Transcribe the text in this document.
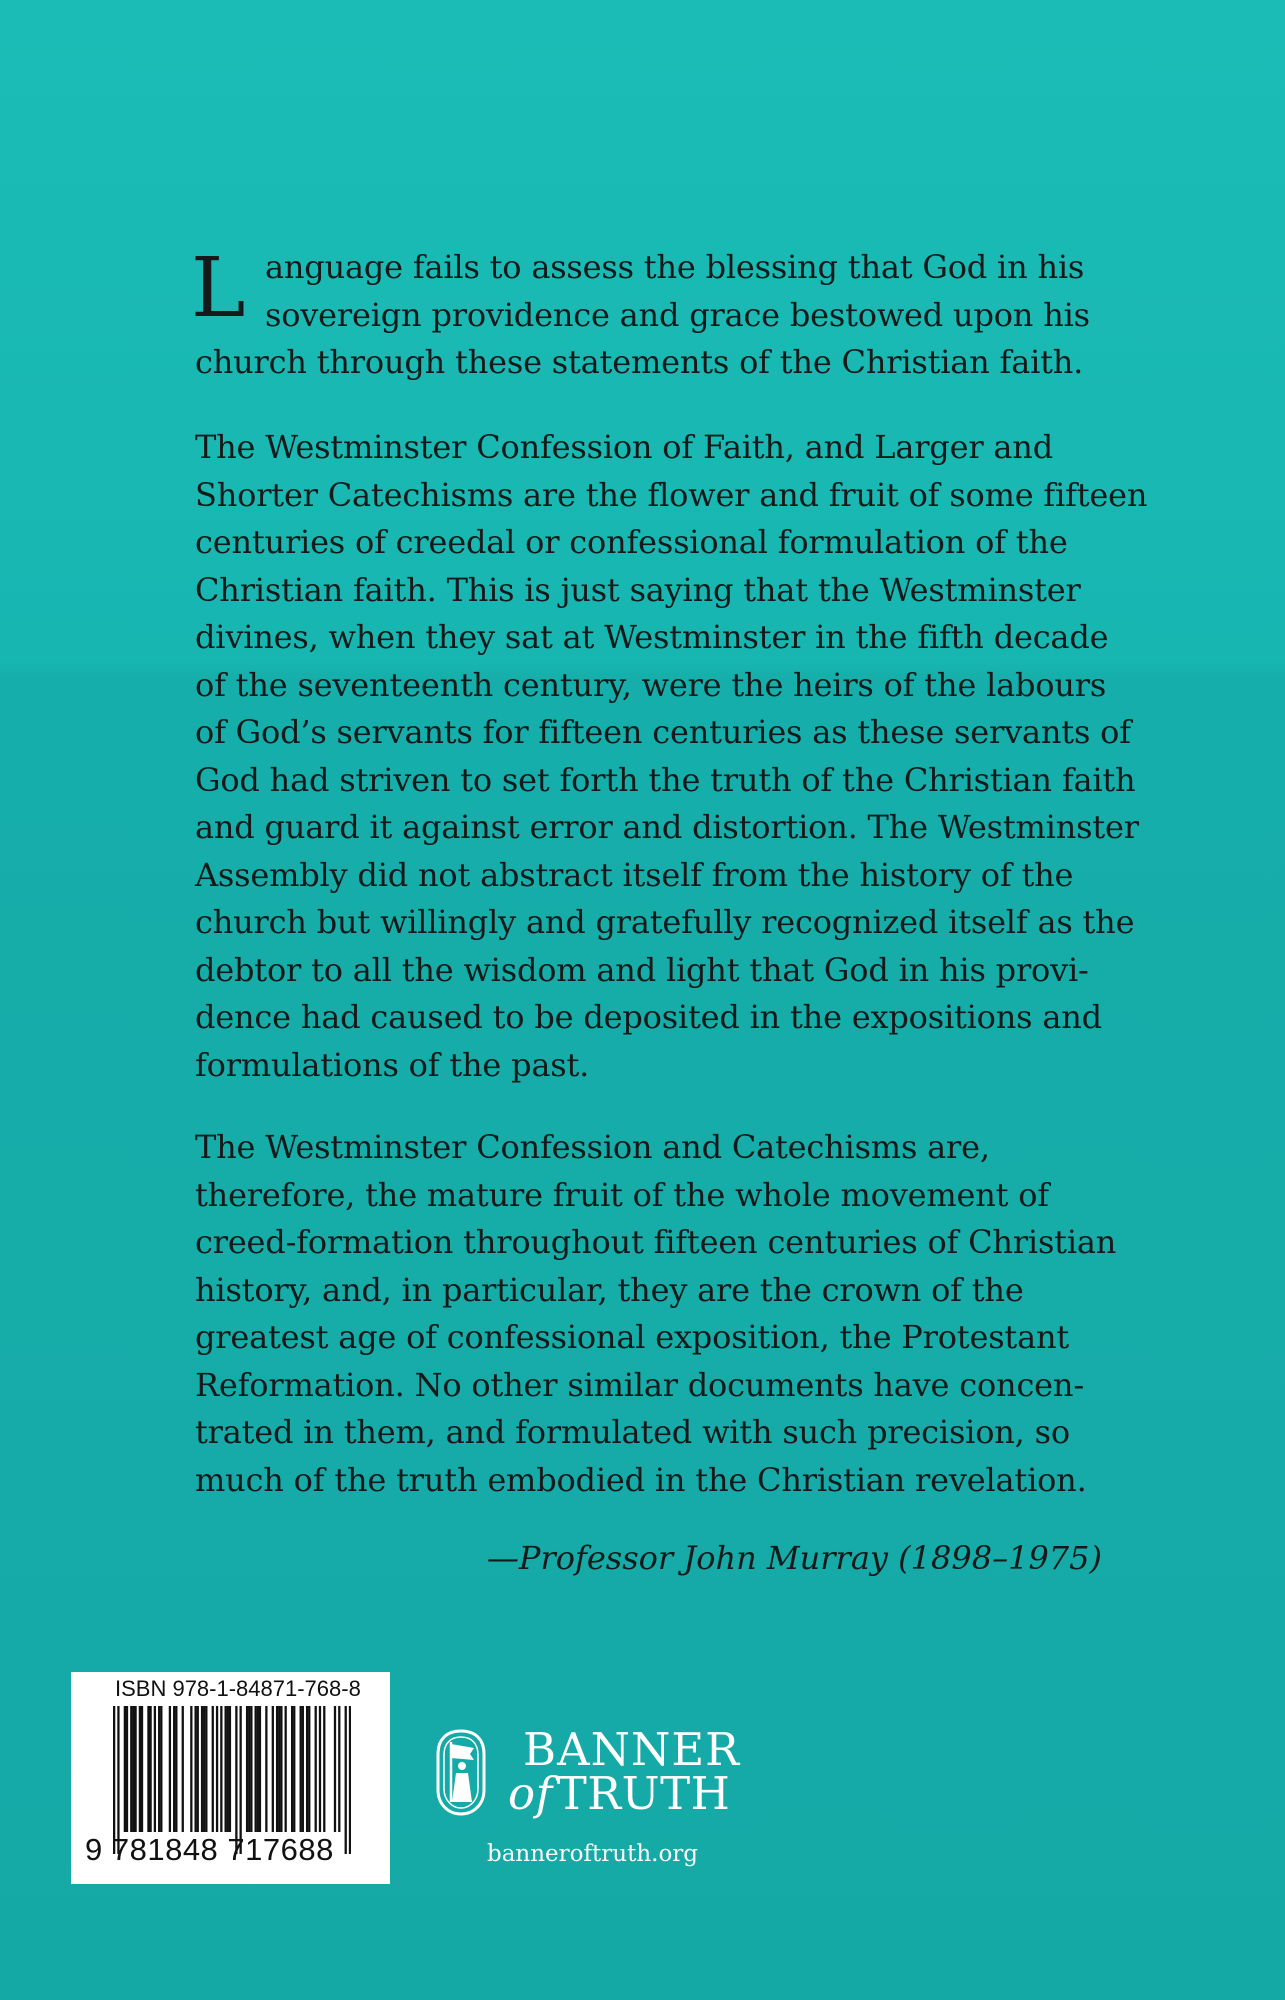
L anguage fails to assess the blessing that God in his
sovereign providence and grace bestowed upon his
church through these statements of the Christian faith.
The Westminster Confession of Faith, and Larger and
Shorter Catechisms are the flower and fruit of some fifteen
centuries of creedal or confessional formulation of the
Christian faith. This is just saying that the Westminster
divines, when they sat at Westminster in the fifth decade
of the seventeenth century, were the heirs of the labours
of God’s servants for fifteen centuries as these servants of
God had striven to set forth the truth of the Christian faith
and guard it against error and distortion. The Westminster
Assembly did not abstract itself from the history of the
church but willingly and gratefully recognized itself as the
debtor to all the wisdom and light that God in his provi-
dence had caused to be deposited in the expositions and
formulations of the past.
The Westminster Confession and Catechisms are,
therefore, the mature fruit of the whole movement of
creed-formation throughout fifteen centuries of Christian
history, and, in particular, they are the crown of the
greatest age of confessional exposition, the Protestant
Reformation. No other similar documents have concen-
trated in them, and formulated with such precision, so
much of the truth embodied in the Christian revelation.
—Professor John Murray (1898–1975)
ISBN 978-1-84871-768-8
9 781848 717688
BANNER
ofTRUTH
banneroftruth.org
